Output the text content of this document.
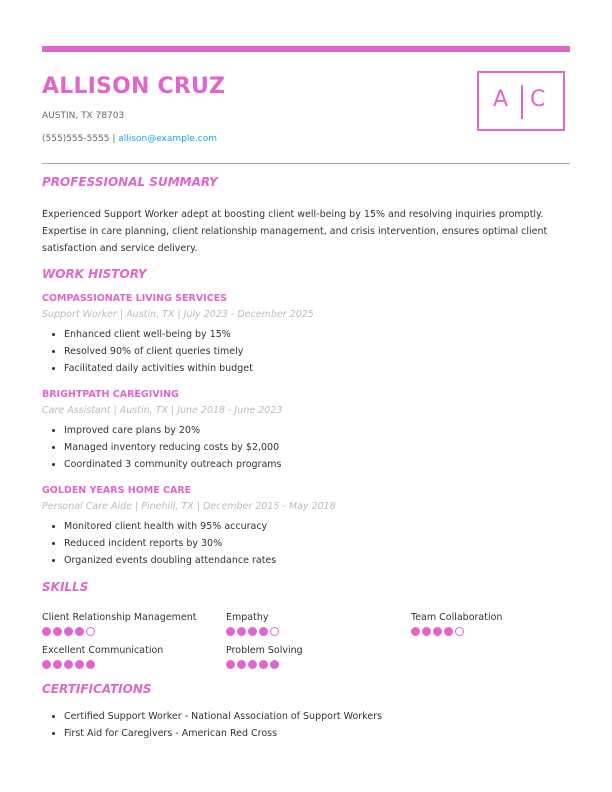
ALLISON CRUZ
AUSTIN, TX 78703
(555)555-5555 | allison@example.com
A C
PROFESSIONAL SUMMARY
Experienced Support Worker adept at boosting client well-being by 15% and resolving inquiries promptly. Expertise in care planning, client relationship management, and crisis intervention, ensures optimal client satisfaction and service delivery.
WORK HISTORY
COMPASSIONATE LIVING SERVICES
Support Worker | Austin, TX | July 2023 - December 2025
• Enhanced client well-being by 15%
• Resolved 90% of client queries timely
• Facilitated daily activities within budget
BRIGHTPATH CAREGIVING
Care Assistant | Austin, TX | June 2018 - June 2023
• Improved care plans by 20%
• Managed inventory reducing costs by $2,000
• Coordinated 3 community outreach programs
GOLDEN YEARS HOME CARE
Personal Care Aide | Pinehill, TX | December 2015 - May 2018
• Monitored client health with 95% accuracy
• Reduced incident reports by 30%
• Organized events doubling attendance rates
SKILLS
Client Relationship Management	Empathy	Team Collaboration
Excellent Communication	Problem Solving
CERTIFICATIONS
• Certified Support Worker - National Association of Support Workers
• First Aid for Caregivers - American Red Cross
